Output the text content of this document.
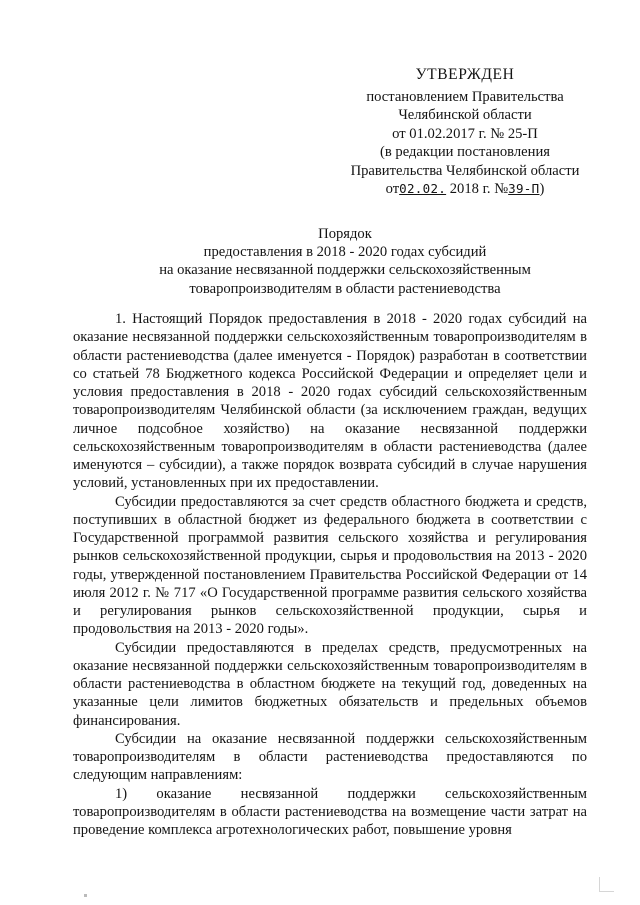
УТВЕРЖДЕН
постановлением Правительства
Челябинской области
от 01.02.2017 г. № 25-П
(в редакции постановления
Правительства Челябинской области
от02.02. 2018 г. №39-П)
Порядок
предоставления в 2018 - 2020 годах субсидий
на оказание несвязанной поддержки сельскохозяйственным
товаропроизводителям в области растениеводства

1. Настоящий Порядок предоставления в 2018 - 2020 годах субсидий на оказание несвязанной поддержки сельскохозяйственным товаропроизводителям в области растениеводства (далее именуется - Порядок) разработан в соответствии со статьей 78 Бюджетного кодекса Российской Федерации и определяет цели и условия предоставления в 2018 - 2020 годах субсидий сельскохозяйственным товаропроизводителям Челябинской области (за исключением граждан, ведущих личное подсобное хозяйство) на оказание несвязанной поддержки сельскохозяйственным товаропроизводителям в области растениеводства (далее именуются – субсидии), а также порядок возврата субсидий в случае нарушения условий, установленных при их предоставлении.

Субсидии предоставляются за счет средств областного бюджета и средств, поступивших в областной бюджет из федерального бюджета в соответствии с Государственной программой развития сельского хозяйства и регулирования рынков сельскохозяйственной продукции, сырья и продовольствия на 2013 - 2020 годы, утвержденной постановлением Правительства Российской Федерации от 14 июля 2012 г. № 717 «О Государственной программе развития сельского хозяйства и регулирования рынков сельскохозяйственной продукции, сырья и продовольствия на 2013 - 2020 годы».

Субсидии предоставляются в пределах средств, предусмотренных на оказание несвязанной поддержки сельскохозяйственным товаропроизводителям в области растениеводства в областном бюджете на текущий год, доведенных на указанные цели лимитов бюджетных обязательств и предельных объемов финансирования.

Субсидии на оказание несвязанной поддержки сельскохозяйственным товаропроизводителям в области растениеводства предоставляются по следующим направлениям:

1) оказание несвязанной поддержки сельскохозяйственным товаропроизводителям в области растениеводства на возмещение части затрат на проведение комплекса агротехнологических работ, повышение уровня
